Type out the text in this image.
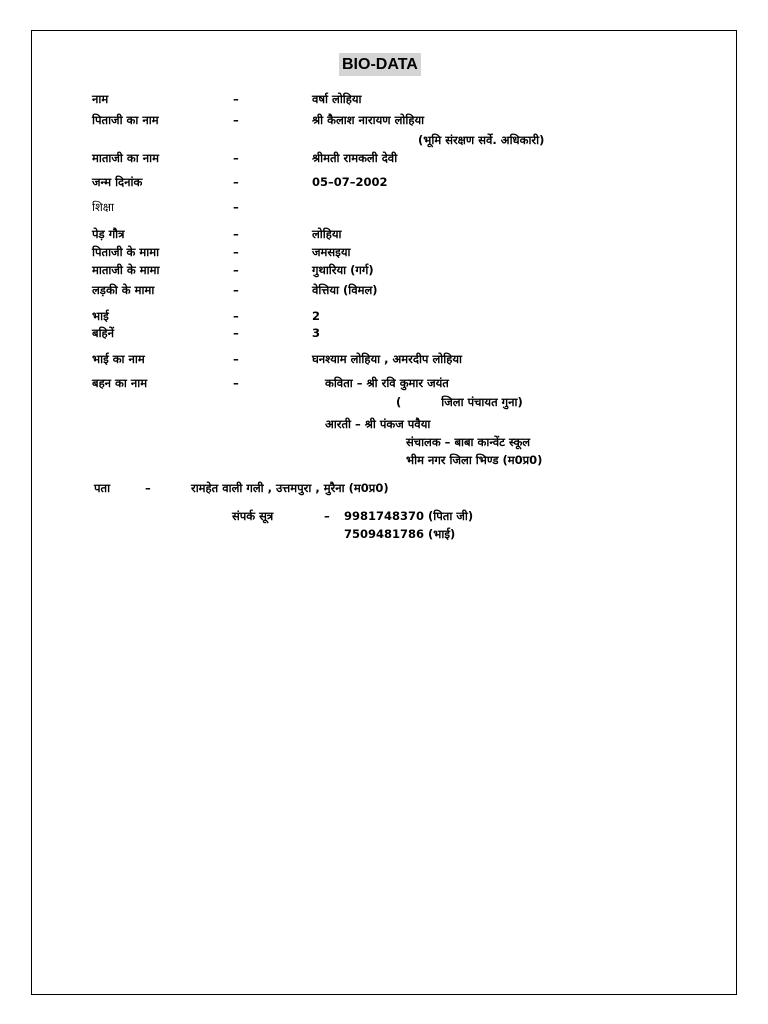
BIO-DATA
नाम	–	वर्षा लोहिया
पिताजी का नाम	–	श्री कैलाश नारायण लोहिया
(भूमि संरक्षण सर्वे. अधिकारी)
माताजी का नाम	–	श्रीमती रामकली देवी
जन्म दिनांक	–	05–07–2002
शिक्षा	–
पेड़ गौत्र	–	लोहिया
पिताजी के मामा	–	जमसइया
माताजी के मामा	–	गुथारिया (गर्ग)
लड़की के मामा	–	वेत्तिया (विमल)
भाई	–	2
बहिनें	–	3
भाई का नाम	–	घनश्याम लोहिया , अमरदीप लोहिया
बहन का नाम	–	कविता – श्री रवि कुमार जयंत
(          जिला पंचायत गुना)
आरती – श्री पंकज पवैया
संचालक – बाबा कान्वेंट स्कूल
भीम नगर जिला भिण्ड (म0प्र0)
पता	–	रामहेत वाली गली , उत्तमपुरा , मुरैना (म0प्र0)
संपर्क सूत्र	– 9981748370 (पिता जी)
7509481786 (भाई)
